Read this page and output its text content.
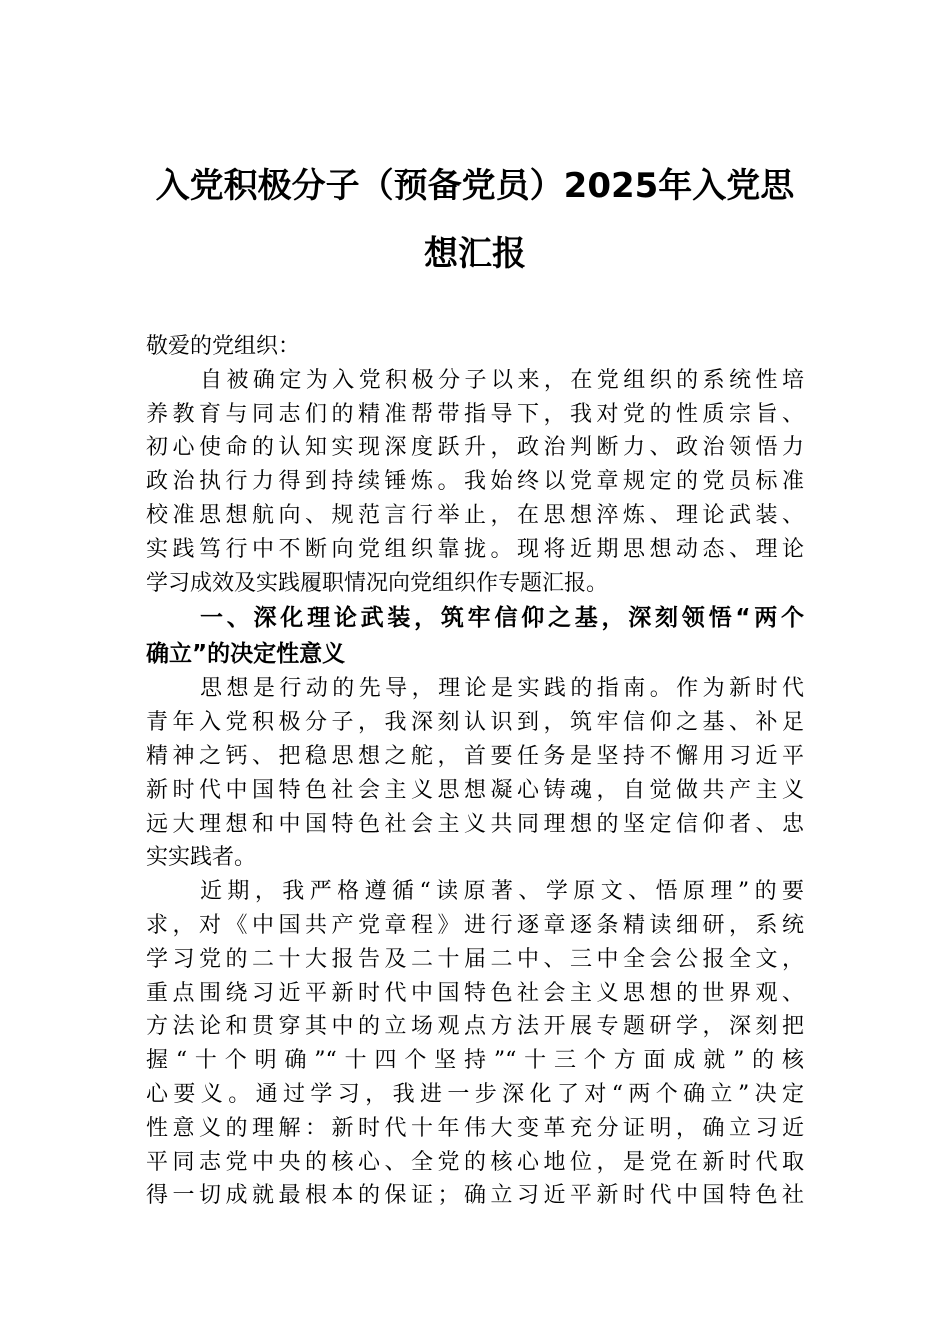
入党积极分子（预备党员）2025年入党思
想汇报
敬爱的党组织：
自被确定为入党积极分子以来，在党组织的系统性培
养教育与同志们的精准帮带指导下，我对党的性质宗旨、
初心使命的认知实现深度跃升，政治判断力、政治领悟力
政治执行力得到持续锤炼。我始终以党章规定的党员标准
校准思想航向、规范言行举止，在思想淬炼、理论武装、
实践笃行中不断向党组织靠拢。现将近期思想动态、理论
学习成效及实践履职情况向党组织作专题汇报。
一、深化理论武装，筑牢信仰之基，深刻领悟“两个
确立”的决定性意义
思想是行动的先导，理论是实践的指南。作为新时代
青年入党积极分子，我深刻认识到，筑牢信仰之基、补足
精神之钙、把稳思想之舵，首要任务是坚持不懈用习近平
新时代中国特色社会主义思想凝心铸魂，自觉做共产主义
远大理想和中国特色社会主义共同理想的坚定信仰者、忠
实实践者。
近期，我严格遵循“读原著、学原文、悟原理”的要
求，对《中国共产党章程》进行逐章逐条精读细研，系统
学习党的二十大报告及二十届二中、三中全会公报全文，
重点围绕习近平新时代中国特色社会主义思想的世界观、
方法论和贯穿其中的立场观点方法开展专题研学，深刻把
握“十个明确”“十四个坚持”“十三个方面成就”的核
心要义。通过学习，我进一步深化了对“两个确立”决定
性意义的理解：新时代十年伟大变革充分证明，确立习近
平同志党中央的核心、全党的核心地位，是党在新时代取
得一切成就最根本的保证；确立习近平新时代中国特色社
